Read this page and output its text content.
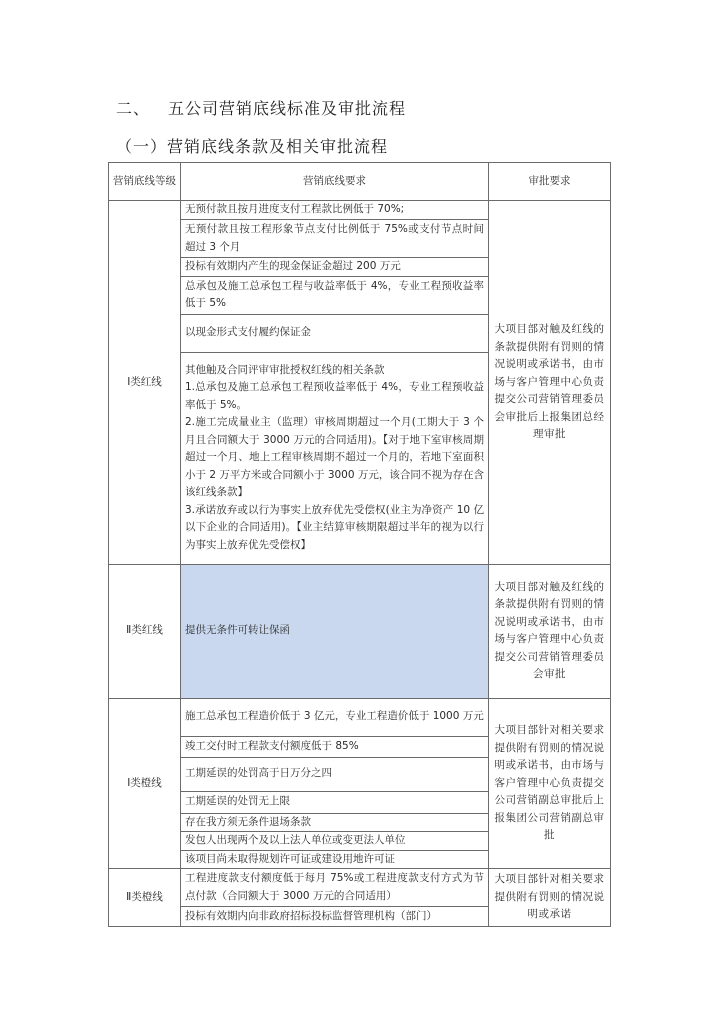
二、 五公司营销底线标准及审批流程
（一）营销底线条款及相关审批流程
营销底线等级	营销底线要求	审批要求
Ⅰ类红线	无预付款且按月进度支付工程款比例低于 70%;	大项目部对触及红线的条款提供附有罚则的情况说明或承诺书，由市场与客户管理中心负责提交公司营销管理委员会审批后上报集团总经理审批
	无预付款且按工程形象节点支付比例低于 75%或支付节点时间超过 3 个月	
	投标有效期内产生的现金保证金超过 200 万元	
	总承包及施工总承包工程与收益率低于 4%，专业工程预收益率低于 5%	
	以现金形式支付履约保证金	
	其他触及合同评审审批授权红线的相关条款
1.总承包及施工总承包工程预收益率低于 4%，专业工程预收益率低于 5%。
2.施工完成量业主（监理）审核周期超过一个月(工期大于 3 个月且合同额大于 3000 万元的合同适用)。【对于地下室审核周期超过一个月、地上工程审核周期不超过一个月的，若地下室面积小于 2 万平方米或合同额小于 3000 万元，该合同不视为存在含该红线条款】
3.承诺放弃或以行为事实上放弃优先受偿权(业主为净资产 10 亿以下企业的合同适用)。【业主结算审核期限超过半年的视为以行为事实上放弃优先受偿权】	
Ⅱ类红线	提供无条件可转让保函	大项目部对触及红线的条款提供附有罚则的情况说明或承诺书，由市场与客户管理中心负责提交公司营销管理委员会审批
Ⅰ类橙线	施工总承包工程造价低于 3 亿元，专业工程造价低于 1000 万元	大项目部针对相关要求提供附有罚则的情况说明或承诺书，由市场与客户管理中心负责提交公司营销副总审批后上报集团公司营销副总审批
	竣工交付时工程款支付额度低于 85%	
	工期延误的处罚高于日万分之四	
	工期延误的处罚无上限	
	存在我方须无条件退场条款	
	发包人出现两个及以上法人单位或变更法人单位	
	该项目尚未取得规划许可证或建设用地许可证	
Ⅱ类橙线	工程进度款支付额度低于每月 75%或工程进度款支付方式为节点付款（合同额大于 3000 万元的合同适用）	大项目部针对相关要求提供附有罚则的情况说明或承诺
	投标有效期内向非政府招标投标监督管理机构（部门）	
